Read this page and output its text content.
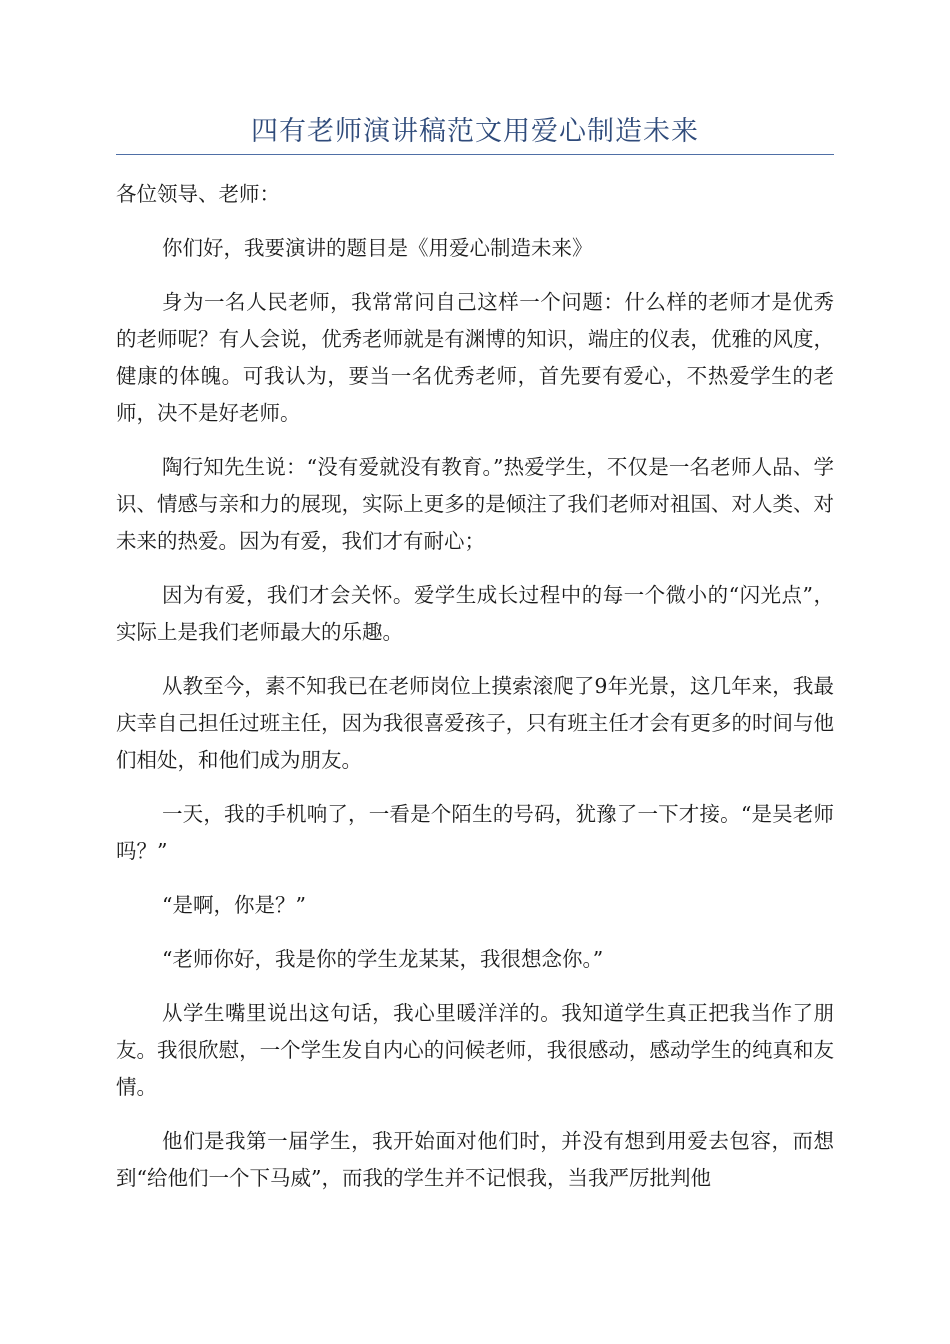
四有老师演讲稿范文用爱心制造未来

各位领导、老师：

你们好，我要演讲的题目是《用爱心制造未来》

身为一名人民老师，我常常问自己这样一个问题：什么样的老师才是优秀的老师呢？有人会说，优秀老师就是有渊博的知识，端庄的仪表，优雅的风度，健康的体魄。可我认为，要当一名优秀老师，首先要有爱心，不热爱学生的老师，决不是好老师。

陶行知先生说：“没有爱就没有教育。”热爱学生，不仅是一名老师人品、学识、情感与亲和力的展现，实际上更多的是倾注了我们老师对祖国、对人类、对未来的热爱。因为有爱，我们才有耐心；

因为有爱，我们才会关怀。爱学生成长过程中的每一个微小的“闪光点”，实际上是我们老师最大的乐趣。

从教至今，素不知我已在老师岗位上摸索滚爬了9年光景，这几年来，我最庆幸自己担任过班主任，因为我很喜爱孩子，只有班主任才会有更多的时间与他们相处，和他们成为朋友。

一天，我的手机响了，一看是个陌生的号码，犹豫了一下才接。“是吴老师吗？”

“是啊，你是？”

“老师你好，我是你的学生龙某某，我很想念你。”

从学生嘴里说出这句话，我心里暖洋洋的。我知道学生真正把我当作了朋友。我很欣慰，一个学生发自内心的问候老师，我很感动，感动学生的纯真和友情。

他们是我第一届学生，我开始面对他们时，并没有想到用爱去包容，而想到“给他们一个下马威”，而我的学生并不记恨我，当我严厉批判他
